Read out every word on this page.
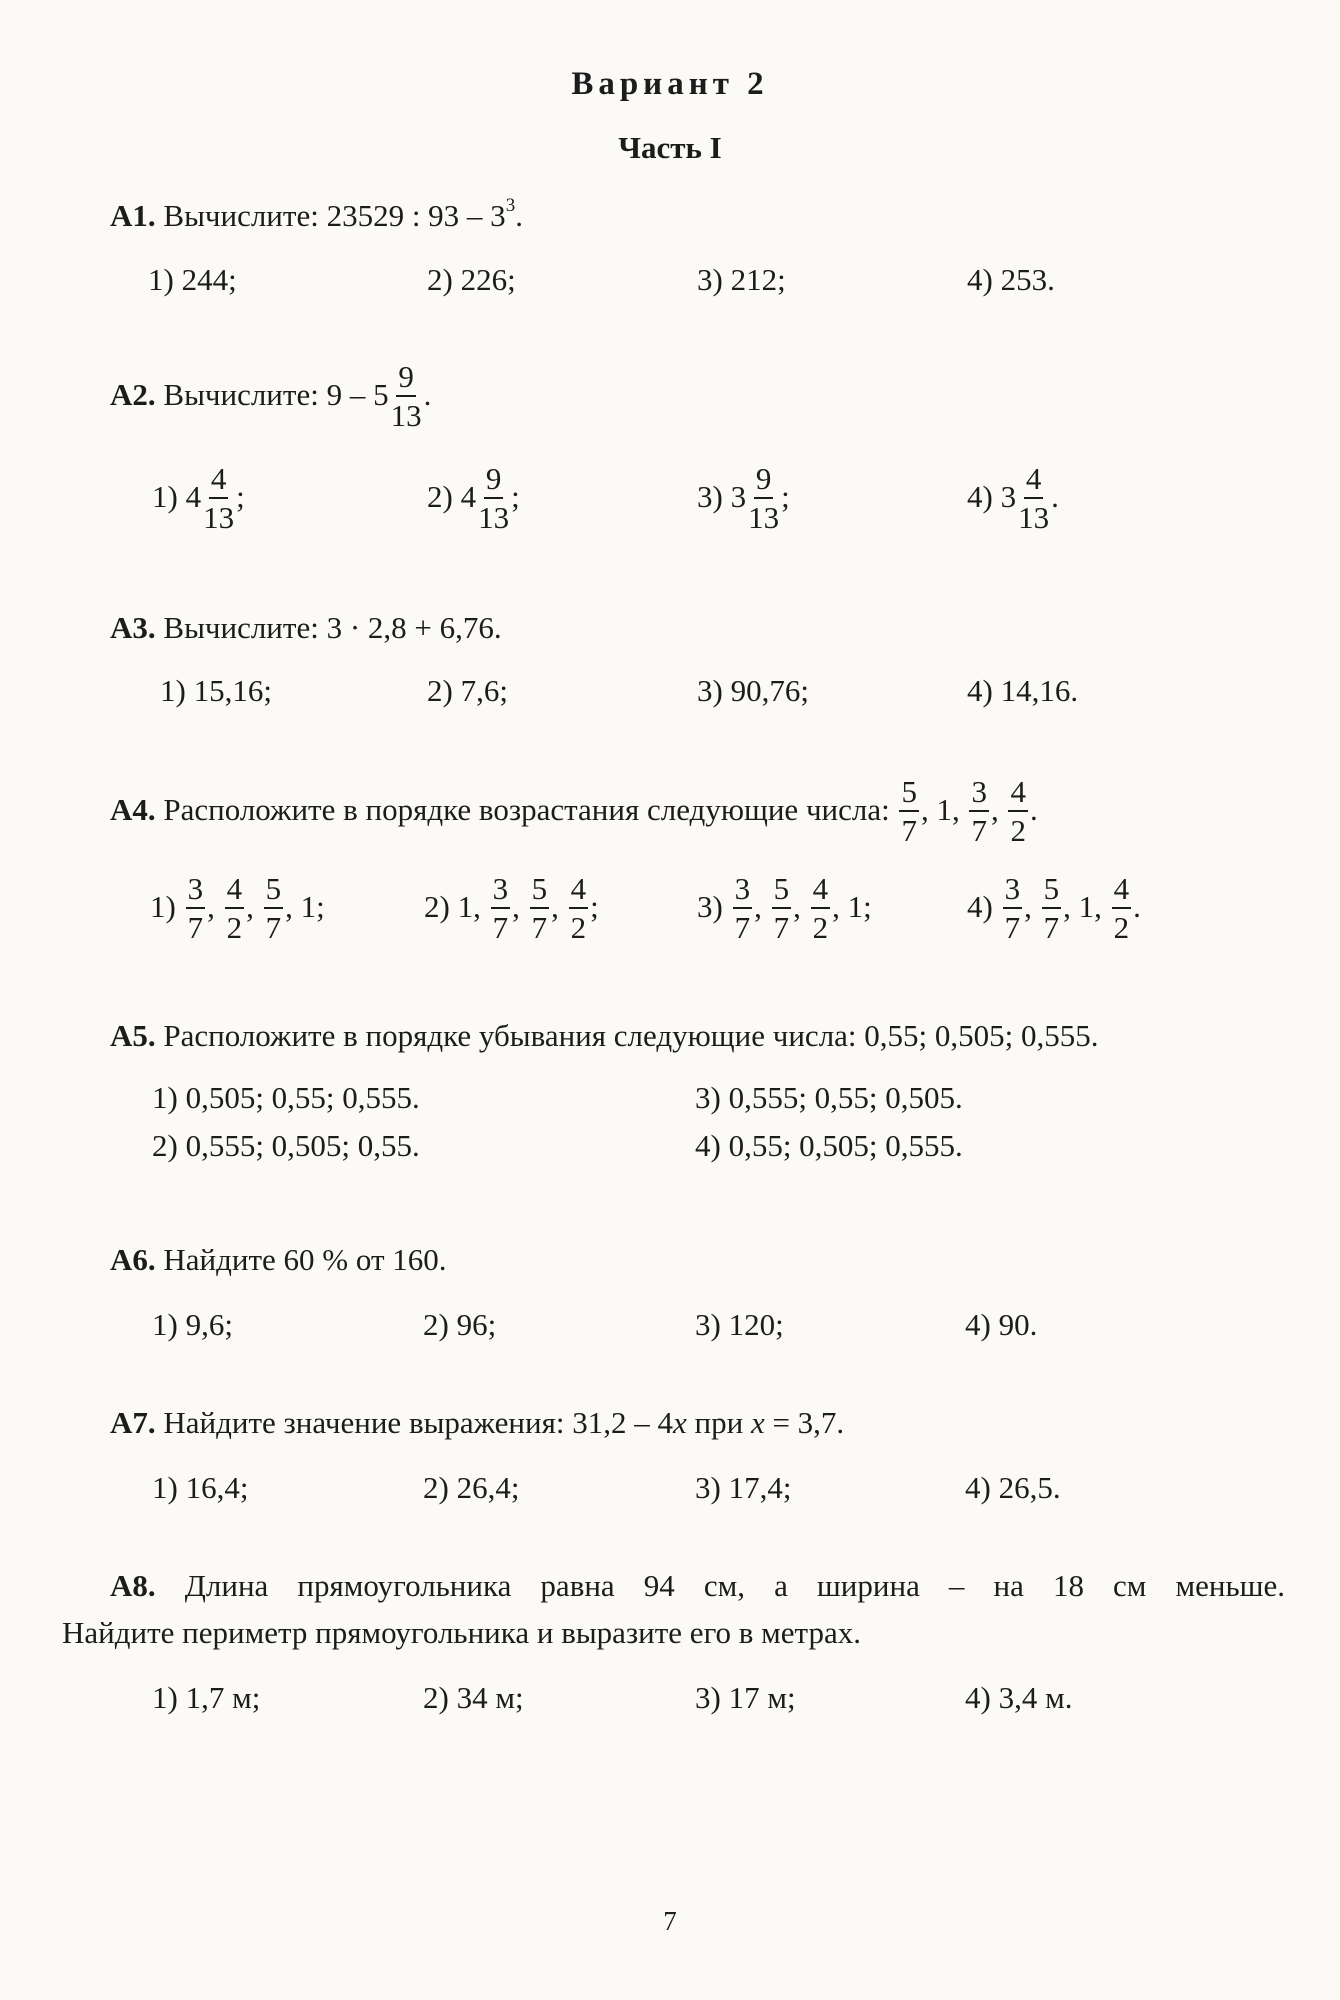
Вариант 2
Часть I
A1. Вычислите: 23529 : $93 - 3^3$.
1) 244;	2) 226;	3) 212;	4) 253.
A2. Вычислите: $9 - 5 \frac{9}{13}$ .
1) $4 \frac{4}{13}$ ;	2) $4 \frac{9}{13}$ ;	3) $3 \frac{9}{13}$ ;	4) $3 \frac{4}{13}$ .
A3. Вычислите: 3 · 2,8 + 6,76.
1) 15,16;	2) 7,6;	3) 90,76;	4) 14,16.
A4. Расположите в порядке возрастания следующие числа: $\frac{5}{7}$ , 1, $\frac{3}{7}$ , $\frac{4}{2}$ .
$1) \frac{3}{7}$ , $\frac{4}{2}$ , $\frac{5}{7}$ , 1;	2) 1, $\frac{3}{7}$ , $\frac{5}{7}$ , $\frac{4}{2}$ ;	$3) \frac{3}{7}$ , $\frac{5}{7}$ , $\frac{4}{2}$ , 1;	$4) \frac{3}{7}$ , $\frac{5}{7}$ , 1, $\frac{4}{2}$ .
A5. Расположите в порядке убывания следующие числа: 0,55; 0,505; 0,555.
1) 0,505; 0,55; 0,555.	3) 0,555; 0,55; 0,505.
2) 0,555; 0,505; 0,55.	4) 0,55; 0,505; 0,555.
A6. Найдите 60 % от 160.
1) 9,6;	2) 96;	3) 120;	4) 90.
A7. Найдите значение выражения: 31,2 – 4x при x = 3,7.
1) 16,4;	2) 26,4;	3) 17,4;	4) 26,5.
A8. Длина прямоугольника равна 94 см, а ширина – на 18 см меньше.
Найдите периметр прямоугольника и выразите его в метрах.
1) 1,7 м;	2) 34 м;	3) 17 м;	4) 3,4 м.
7
